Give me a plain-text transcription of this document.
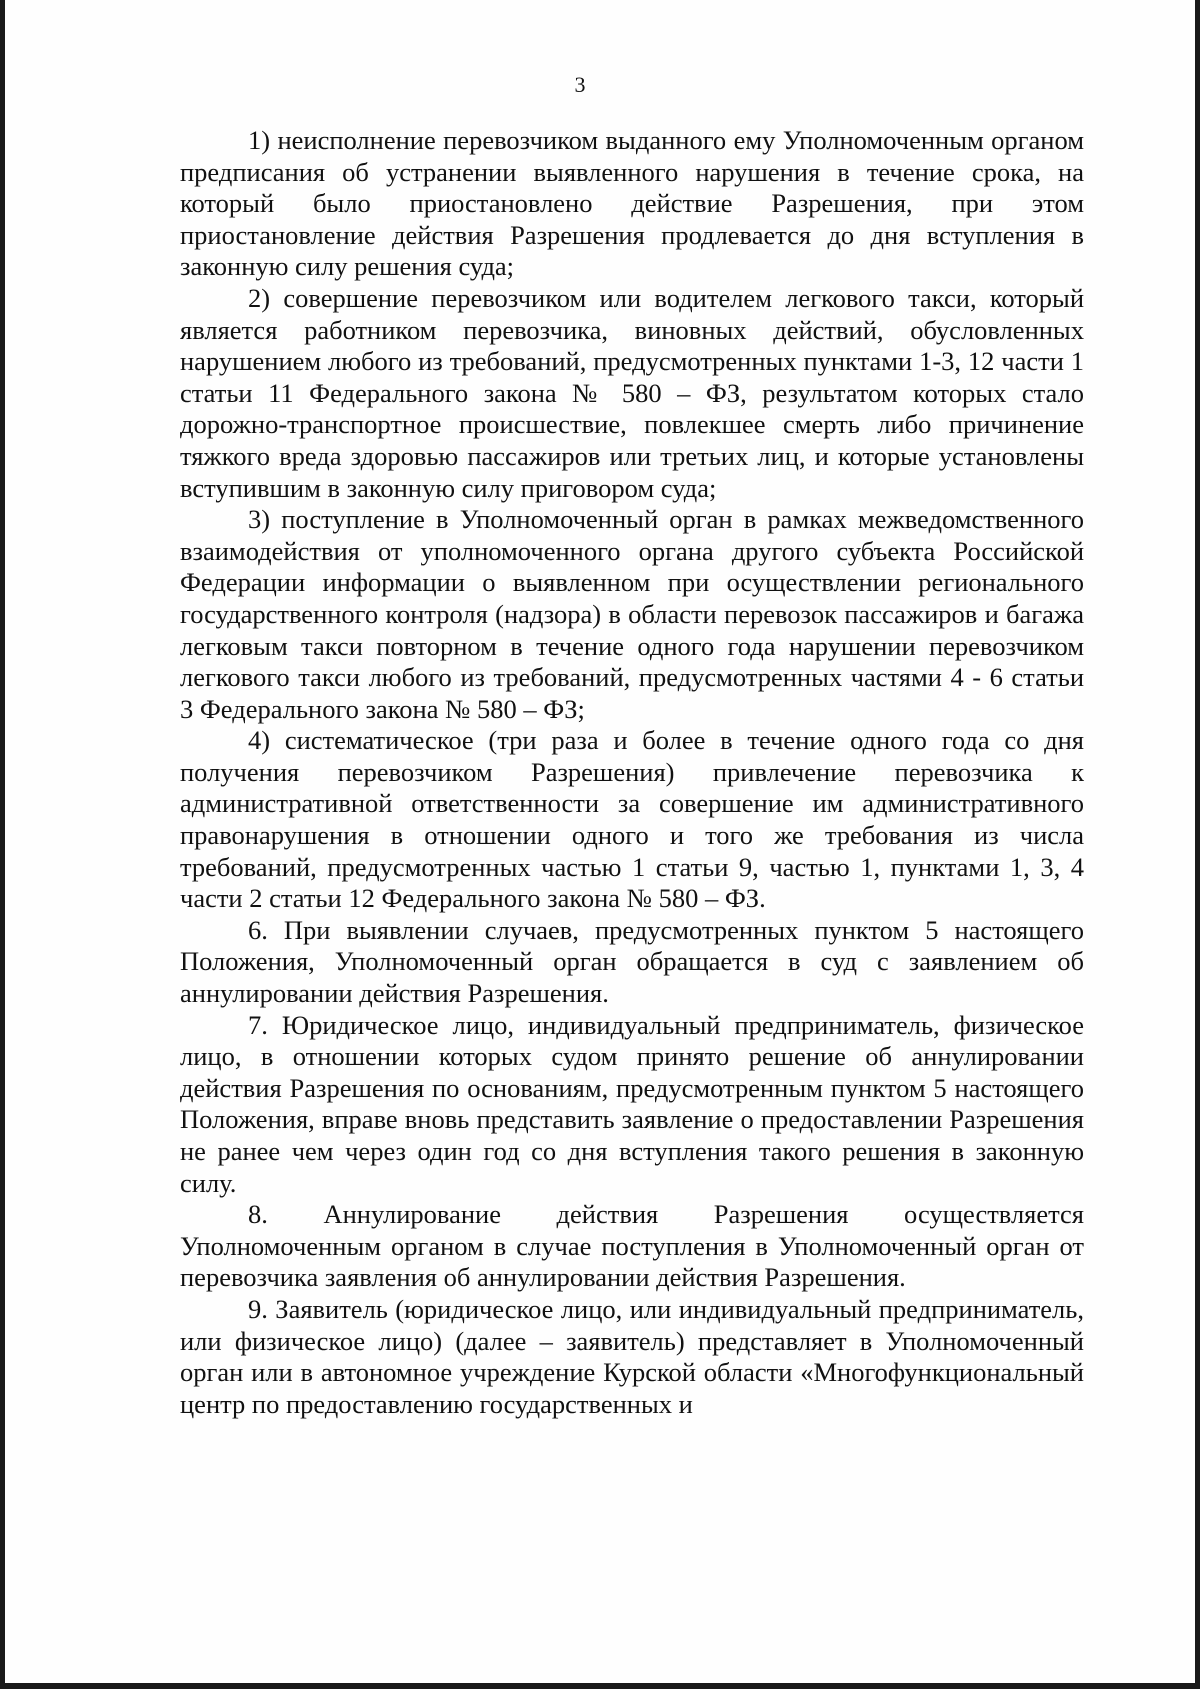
3

1) неисполнение перевозчиком выданного ему Уполномоченным органом предписания об устранении выявленного нарушения в течение срока, на который было приостановлено действие Разрешения, при этом приостановление действия Разрешения продлевается до дня вступления в законную силу решения суда;

2) совершение перевозчиком или водителем легкового такси, который является работником перевозчика, виновных действий, обусловленных нарушением любого из требований, предусмотренных пунктами 1-3, 12 части 1 статьи 11 Федерального закона № 580 – ФЗ, результатом которых стало дорожно-транспортное происшествие, повлекшее смерть либо причинение тяжкого вреда здоровью пассажиров или третьих лиц, и которые установлены вступившим в законную силу приговором суда;

3) поступление в Уполномоченный орган в рамках межведомственного взаимодействия от уполномоченного органа другого субъекта Российской Федерации информации о выявленном при осуществлении регионального государственного контроля (надзора) в области перевозок пассажиров и багажа легковым такси повторном в течение одного года нарушении перевозчиком легкового такси любого из требований, предусмотренных частями 4 - 6 статьи 3 Федерального закона № 580 – ФЗ;

4) систематическое (три раза и более в течение одного года со дня получения перевозчиком Разрешения) привлечение перевозчика к административной ответственности за совершение им административного правонарушения в отношении одного и того же требования из числа требований, предусмотренных частью 1 статьи 9, частью 1, пунктами 1, 3, 4 части 2 статьи 12 Федерального закона № 580 – ФЗ.

6. При выявлении случаев, предусмотренных пунктом 5 настоящего Положения, Уполномоченный орган обращается в суд с заявлением об аннулировании действия Разрешения.

7. Юридическое лицо, индивидуальный предприниматель, физическое лицо, в отношении которых судом принято решение об аннулировании действия Разрешения по основаниям, предусмотренным пунктом 5 настоящего Положения, вправе вновь представить заявление о предоставлении Разрешения не ранее чем через один год со дня вступления такого решения в законную силу.

8. Аннулирование действия Разрешения осуществляется Уполномоченным органом в случае поступления в Уполномоченный орган от перевозчика заявления об аннулировании действия Разрешения.

9. Заявитель (юридическое лицо, или индивидуальный предприниматель, или физическое лицо) (далее – заявитель) представляет в Уполномоченный орган или в автономное учреждение Курской области «Многофункциональный центр по предоставлению государственных и
